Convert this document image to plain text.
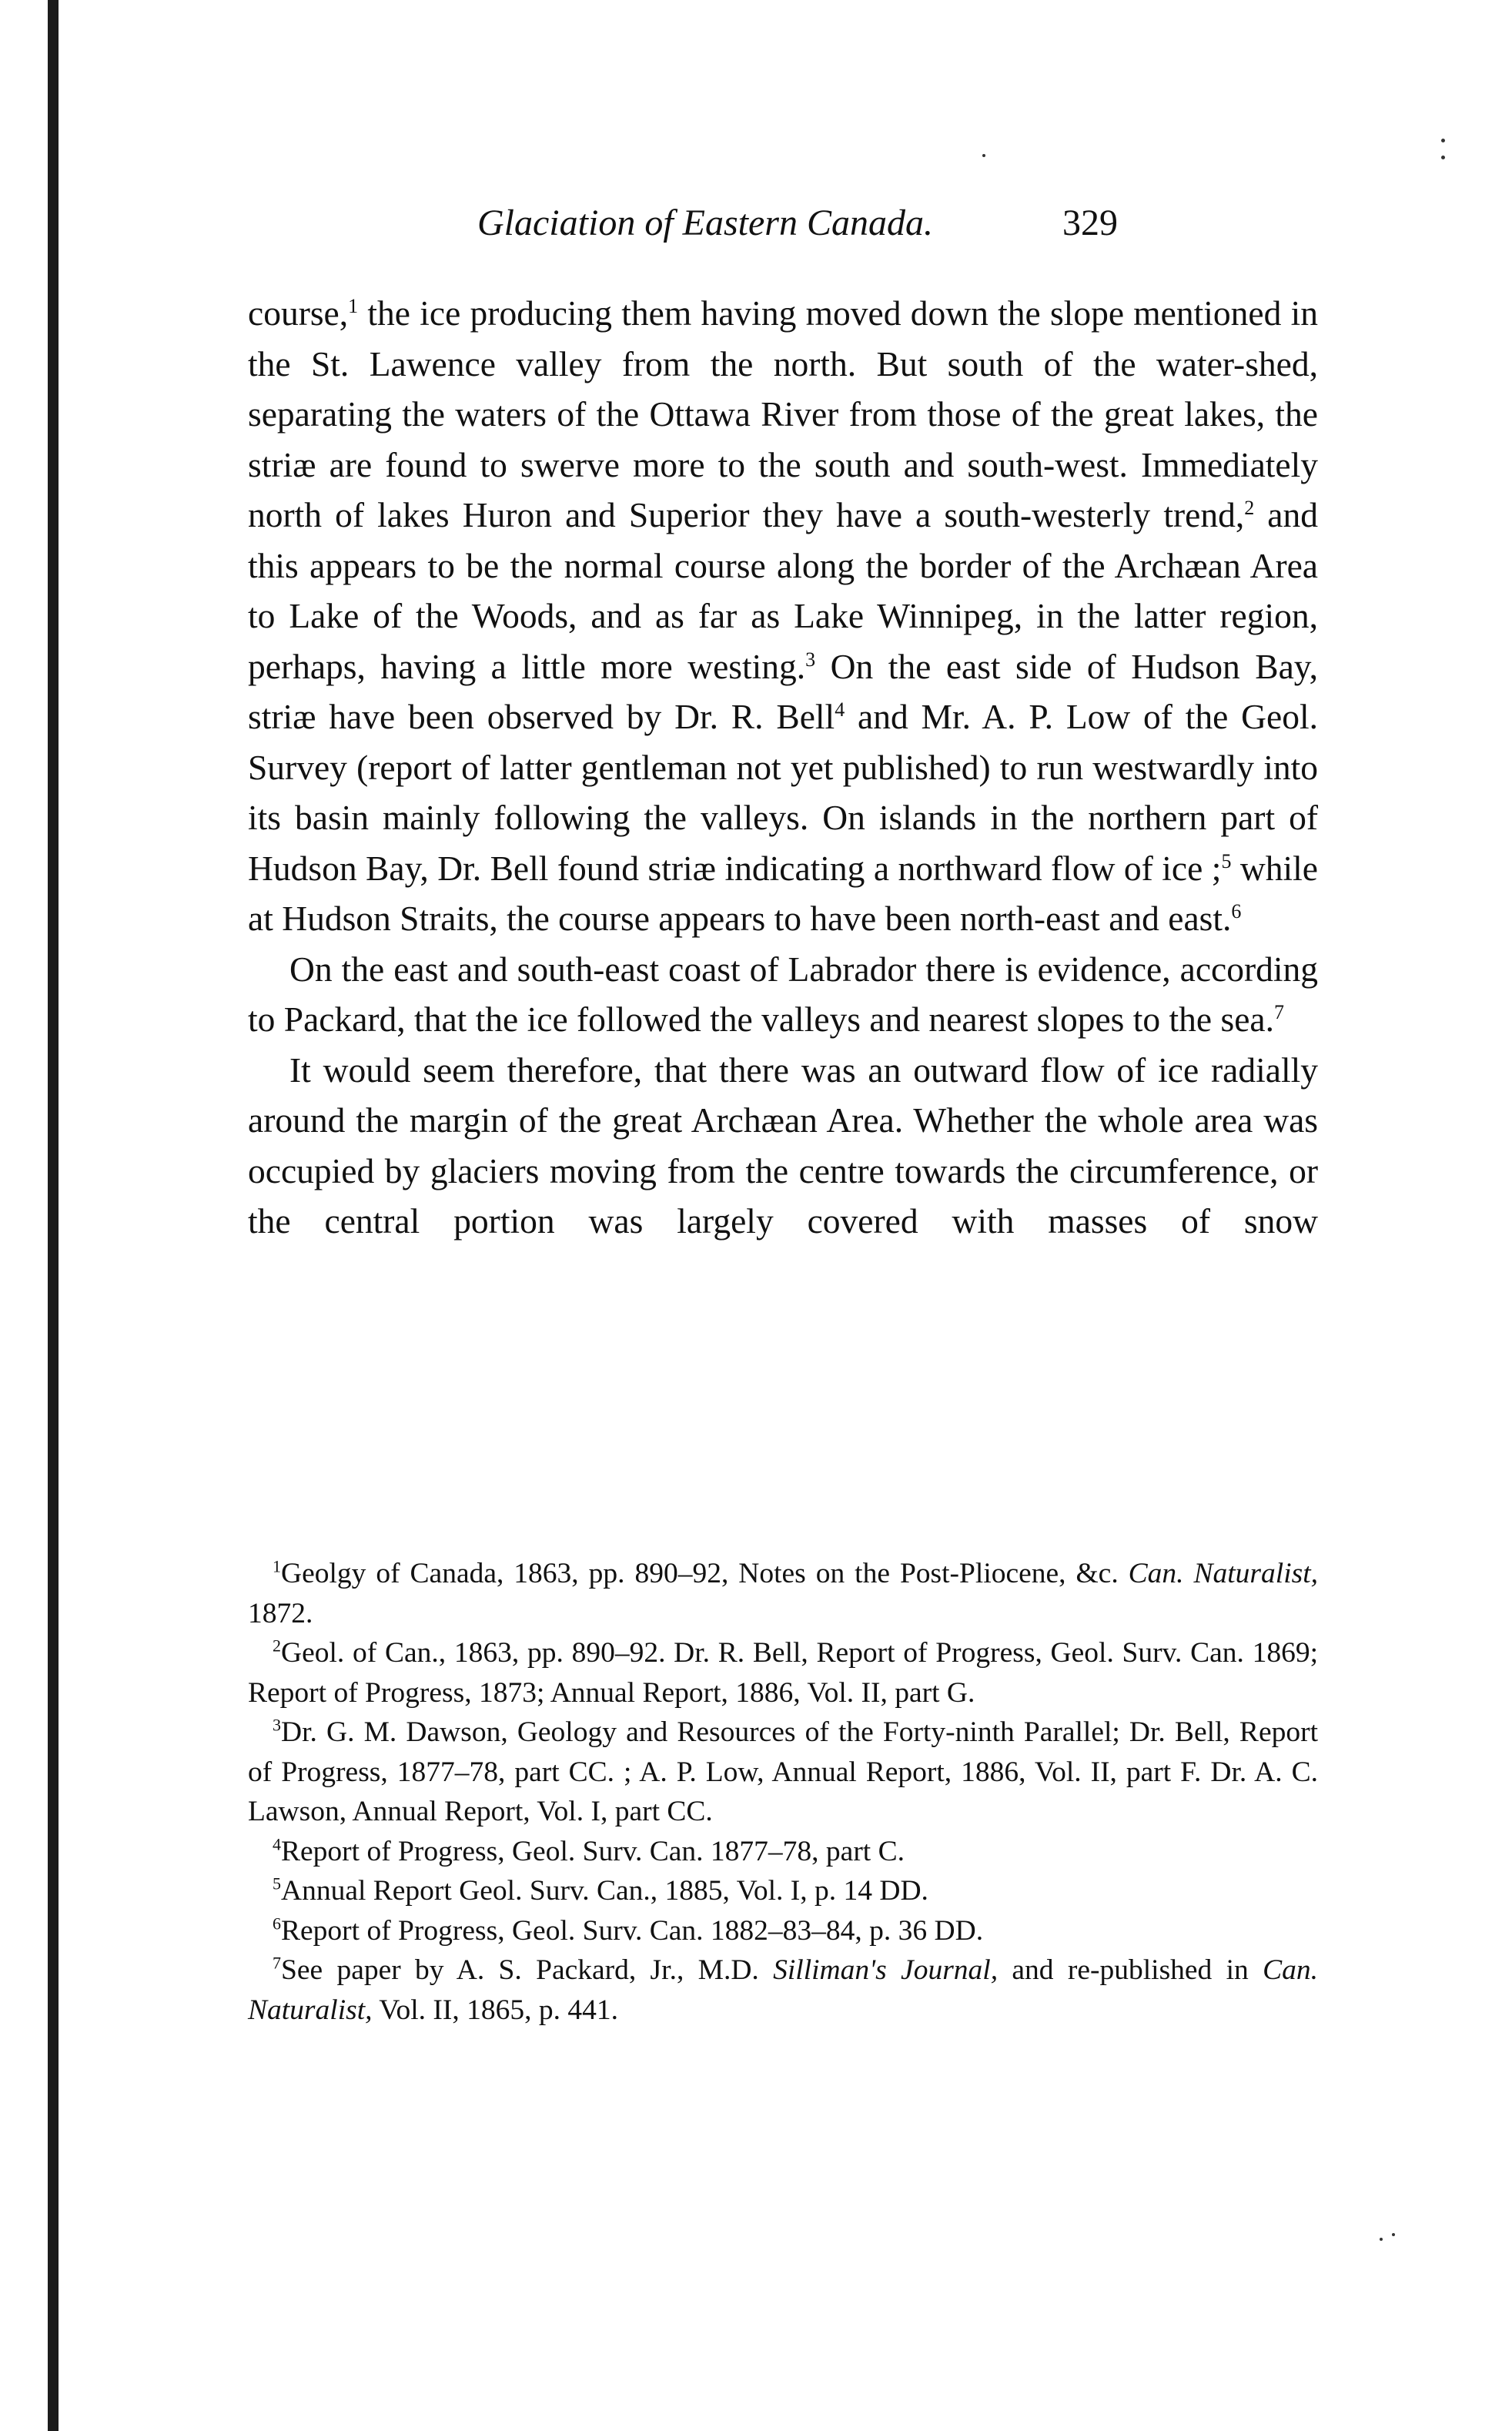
Glaciation of Eastern Canada.	329

course,$^1$ the ice producing them having moved down the slope mentioned in the St. Lawence valley from the north. But south of the water-shed, separating the waters of the Ottawa River from those of the great lakes, the striæ are found to swerve more to the south and south-west. Immediately north of lakes Huron and Superior they have a south-westerly trend,$^2$ and this appears to be the normal course along the border of the Archæan Area to Lake of the Woods, and as far as Lake Winnipeg, in the latter region, perhaps, having a little more westing.$^3$ On the east side of Hudson Bay, striæ have been observed by Dr. R. Bell$^4$ and Mr. A. P. Low of the Geol. Survey (report of latter gentleman not yet published) to run westwardly into its basin mainly following the valleys. On islands in the northern part of Hudson Bay, Dr. Bell found striæ indicating a northward flow of ice ;$^5$ while at Hudson Straits, the course appears to have been north-east and east.$^6$

On the east and south-east coast of Labrador there is evidence, according to Packard, that the ice followed the valleys and nearest slopes to the sea.$^7$

It would seem therefore, that there was an outward flow of ice radially around the margin of the great Archæan Area. Whether the whole area was occupied by glaciers moving from the centre towards the circumference, or the central portion was largely covered with masses of snow

$^1$Geolgy of Canada, 1863, pp. 890–92, Notes on the Post-Pliocene, &c. Can. Naturalist, 1872.

$^2$Geol. of Can., 1863, pp. 890–92. Dr. R. Bell, Report of Progress, Geol. Surv. Can. 1869; Report of Progress, 1873; Annual Report, 1886, Vol. II, part G.

$^3$Dr. G. M. Dawson, Geology and Resources of the Forty-ninth Parallel; Dr. Bell, Report of Progress, 1877–78, part CC. ; A. P. Low, Annual Report, 1886, Vol. II, part F. Dr. A. C. Lawson, Annual Report, Vol. I, part CC.

$^4$Report of Progress, Geol. Surv. Can. 1877–78, part C.

$^5$Annual Report Geol. Surv. Can., 1885, Vol. I, p. 14 DD.

$^6$Report of Progress, Geol. Surv. Can. 1882–83–84, p. 36 DD.

$^7$See paper by A. S. Packard, Jr., M.D. Silliman's Journal, and re-published in Can. Naturalist, Vol. II, 1865, p. 441.
